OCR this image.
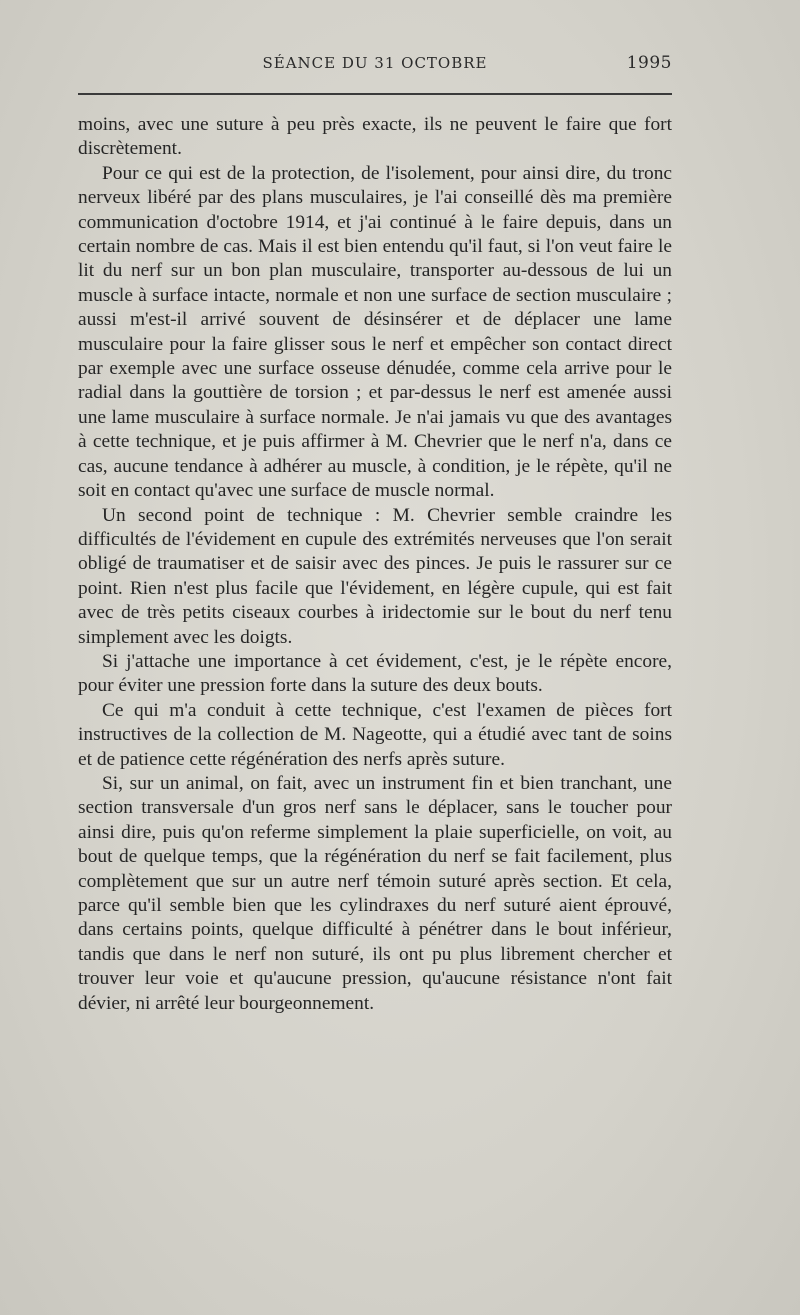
SÉANCE DU 31 OCTOBRE	1995

moins, avec une suture à peu près exacte, ils ne peuvent le faire que fort discrètement.

Pour ce qui est de la protection, de l'isolement, pour ainsi dire, du tronc nerveux libéré par des plans musculaires, je l'ai conseillé dès ma première communication d'octobre 1914, et j'ai continué à le faire depuis, dans un certain nombre de cas. Mais il est bien entendu qu'il faut, si l'on veut faire le lit du nerf sur un bon plan musculaire, transporter au-dessous de lui un muscle à surface intacte, normale et non une surface de section musculaire ; aussi m'est-il arrivé souvent de désinsérer et de déplacer une lame musculaire pour la faire glisser sous le nerf et empêcher son contact direct par exemple avec une surface osseuse dénudée, comme cela arrive pour le radial dans la gouttière de torsion ; et par-dessus le nerf est amenée aussi une lame musculaire à surface normale. Je n'ai jamais vu que des avantages à cette technique, et je puis affirmer à M. Chevrier que le nerf n'a, dans ce cas, aucune tendance à adhérer au muscle, à condition, je le répète, qu'il ne soit en contact qu'avec une surface de muscle normal.

Un second point de technique : M. Chevrier semble craindre les difficultés de l'évidement en cupule des extrémités nerveuses que l'on serait obligé de traumatiser et de saisir avec des pinces. Je puis le rassurer sur ce point. Rien n'est plus facile que l'évidement, en légère cupule, qui est fait avec de très petits ciseaux courbes à iridectomie sur le bout du nerf tenu simplement avec les doigts.

Si j'attache une importance à cet évidement, c'est, je le répète encore, pour éviter une pression forte dans la suture des deux bouts.

Ce qui m'a conduit à cette technique, c'est l'examen de pièces fort instructives de la collection de M. Nageotte, qui a étudié avec tant de soins et de patience cette régénération des nerfs après suture.

Si, sur un animal, on fait, avec un instrument fin et bien tranchant, une section transversale d'un gros nerf sans le déplacer, sans le toucher pour ainsi dire, puis qu'on referme simplement la plaie superficielle, on voit, au bout de quelque temps, que la régénération du nerf se fait facilement, plus complètement que sur un autre nerf témoin suturé après section. Et cela, parce qu'il semble bien que les cylindraxes du nerf suturé aient éprouvé, dans certains points, quelque difficulté à pénétrer dans le bout inférieur, tandis que dans le nerf non suturé, ils ont pu plus librement chercher et trouver leur voie et qu'aucune pression, qu'aucune résistance n'ont fait dévier, ni arrêté leur bourgeonnement.
